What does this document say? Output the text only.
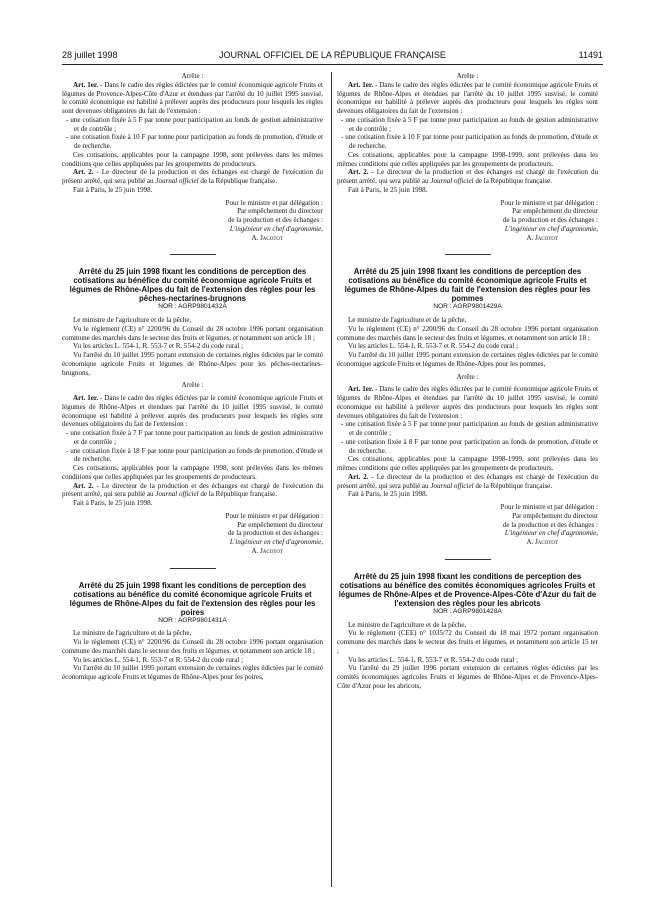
28 juillet 1998	JOURNAL OFFICIEL DE LA RÉPUBLIQUE FRANÇAISE	11491

Arrête :

Art. 1er. - Dans le cadre des règles édictées par le comité économique agricole Fruits et légumes de Provence-Alpes-Côte d'Azur et étendues par l'arrêté du 10 juillet 1995 susvisé, le comité économique est habilité à prélever auprès des producteurs pour lesquels les règles sont devenues obligatoires du fait de l'extension :

- une cotisation fixée à 5 F par tonne pour participation au fonds de gestion administrative et de contrôle ;

- une cotisation fixée à 10 F par tonne pour participation au fonds de promotion, d'étude et de recherche.

Ces cotisations, applicables pour la campagne 1998, sont prélevées dans les mêmes conditions que celles appliquées par les groupements de producteurs.

Art. 2. - Le directeur de la production et des échanges est chargé de l'exécution du présent arrêté, qui sera publié au Journal officiel de la République française.

Fait à Paris, le 25 juin 1998.

Pour le ministre et par délégation :

Par empêchement du directeur

de la production et des échanges :

L'ingénieur en chef d'agronomie,

A. Jacotot

Arrêté du 25 juin 1998 fixant les conditions de perception des cotisations au bénéfice du comité économique agricole Fruits et légumes de Rhône-Alpes du fait de l'extension des règles pour les pêches-nectarines-brugnons

NOR : AGRP9801432A

Le ministre de l'agriculture et de la pêche,

Vu le règlement (CE) n° 2200/96 du Conseil du 28 octobre 1996 portant organisation commune des marchés dans le secteur des fruits et légumes, et notamment son article 18 ;

Vu les articles L. 554-1, R. 553-7 et R. 554-2 du code rural ;

Vu l'arrêté du 10 juillet 1995 portant extension de certaines règles édictées par le comité économique agricole Fruits et légumes de Rhône-Alpes pour les pêches-nectarines-brugnons,

Arrête :

Art. 1er. - Dans le cadre des règles édictées par le comité économique agricole Fruits et légumes de Rhône-Alpes et étendues par l'arrêté du 10 juillet 1995 susvisé, le comité économique est habilité à prélever auprès des producteurs pour lesquels les règles sont devenues obligatoires du fait de l'extension :

- une cotisation fixée à 7 F par tonne pour participation au fonds de gestion administrative et de contrôle ;

- une cotisation fixée à 18 F par tonne pour participation au fonds de promotion, d'étude et de recherche.

Ces cotisations, applicables pour la campagne 1998, sont prélevées dans les mêmes conditions que celles appliquées par les groupements de producteurs.

Art. 2. - Le directeur de la production et des échanges est chargé de l'exécution du présent arrêté, qui sera publié au Journal officiel de la République française.

Fait à Paris, le 25 juin 1998.

Pour le ministre et par délégation :

Par empêchement du directeur

de la production et des échanges :

L'ingénieur en chef d'agronomie,

A. Jacotot

Arrêté du 25 juin 1998 fixant les conditions de perception des cotisations au bénéfice du comité économique agricole Fruits et légumes de Rhône-Alpes du fait de l'extension des règles pour les poires

NOR : AGRP9801431A

Le ministre de l'agriculture et de la pêche,

Vu le règlement (CE) n° 2200/96 du Conseil du 28 octobre 1996 portant organisation commune des marchés dans le secteur des fruits et légumes, et notamment son article 18 ;

Vu les articles L. 554-1, R. 553-7 et R. 554-2 du code rural ;

Vu l'arrêté du 10 juillet 1995 portant extension de certaines règles édictées par le comité économique agricole Fruits et légumes de Rhône-Alpes pour les poires,

Arrête :

Art. 1er. - Dans le cadre des règles édictées par le comité économique agricole Fruits et légumes de Rhône-Alpes et étendues par l'arrêté du 10 juillet 1995 susvisé, le comité économique est habilité à prélever auprès des producteurs pour lesquels les règles sont devenues obligatoires du fait de l'extension :

- une cotisation fixée à 5 F par tonne pour participation au fonds de gestion administrative et de contrôle ;

- une cotisation fixée à 10 F par tonne pour participation au fonds de promotion, d'étude et de recherche.

Ces cotisations, applicables pour la campagne 1998-1999, sont prélevées dans les mêmes conditions que celles appliquées par les groupements de producteurs.

Art. 2. - Le directeur de la production et des échanges est chargé de l'exécution du présent arrêté, qui sera publié au Journal officiel de la République française.

Fait à Paris, le 25 juin 1998.

Pour le ministre et par délégation :

Par empêchement du directeur

de la production et des échanges :

L'ingénieur en chef d'agronomie,

A. Jacotot

Arrêté du 25 juin 1998 fixant les conditions de perception des cotisations au bénéfice du comité économique agricole Fruits et légumes de Rhône-Alpes du fait de l'extension des règles pour les pommes

NOR : AGRP9801429A

Le ministre de l'agriculture et de la pêche,

Vu le règlement (CE) n° 2200/96 du Conseil du 28 octobre 1996 portant organisation commune des marchés dans le secteur des fruits et légumes, et notamment son article 18 ;

Vu les articles L. 554-1, R. 553-7 et R. 554-2 du code rural ;

Vu l'arrêté du 10 juillet 1995 portant extension de certaines règles édictées par le comité économique agricole Fruits et légumes de Rhône-Alpes pour les pommes,

Arrête :

Art. 1er. - Dans le cadre des règles édictées par le comité économique agricole Fruits et légumes de Rhône-Alpes et étendues par l'arrêté du 10 juillet 1995 susvisé, le comité économique est habilité à prélever auprès des producteurs pour lesquels les règles sont devenues obligatoires du fait de l'extension :

- une cotisation fixée à 5 F par tonne pour participation au fonds de gestion administrative et de contrôle ;

- une cotisation fixée à 8 F par tonne pour participation au fonds de promotion, d'étude et de recherche.

Ces cotisations, applicables pour la campagne 1998-1999, sont prélevées dans les mêmes conditions que celles appliquées par les groupements de producteurs.

Art. 2. - Le directeur de la production et des échanges est chargé de l'exécution du présent arrêté, qui sera publié au Journal officiel de la République française.

Fait à Paris, le 25 juin 1998.

Pour le ministre et par délégation :

Par empêchement du directeur

de la production et des échanges :

L'ingénieur en chef d'agronomie,

A. Jacotot

Arrêté du 25 juin 1998 fixant les conditions de perception des cotisations au bénéfice des comités économiques agricoles Fruits et légumes de Rhône-Alpes et de Provence-Alpes-Côte d'Azur du fait de l'extension des règles pour les abricots

NOR : AGRP9801428A

Le ministre de l'agriculture et de la pêche,

Vu le règlement (CEE) n° 1035/72 du Conseil du 18 mai 1972 portant organisation commune des marchés dans le secteur des fruits et légumes, et notamment son article 15 ter ;

Vu les articles L. 554-1, R. 553-7 et R. 554-2 du code rural ;

Vu l'arrêté du 29 juillet 1996 portant extension de certaines règles édictées par les comités économiques agricoles Fruits et légumes de Rhône-Alpes et de Provence-Alpes-Côte d'Azur pour les abricots,
